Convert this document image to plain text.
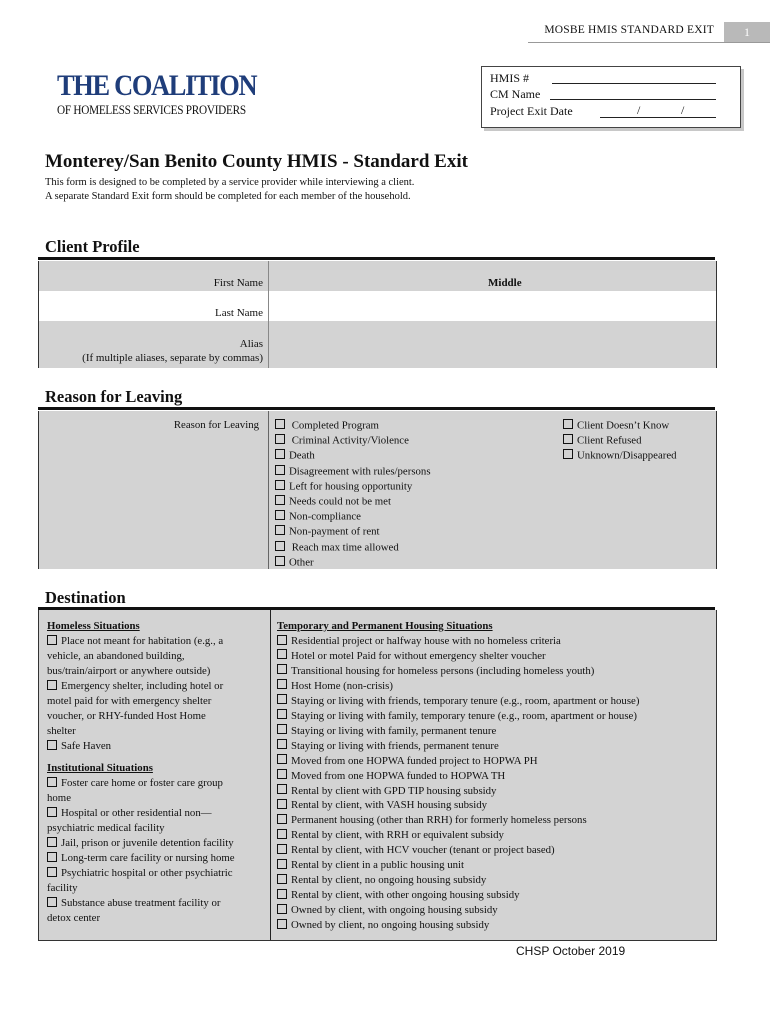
MOSBE HMIS STANDARD EXIT	1
THE COALITION
OF HOMELESS SERVICES PROVIDERS
HMIS #
CM Name
Project Exit Date	/	/
Monterey/San Benito County HMIS - Standard Exit
This form is designed to be completed by a service provider while interviewing a client.
A separate Standard Exit form should be completed for each member of the household.
Client Profile
First Name	Middle
Last Name
Alias
(If multiple aliases, separate by commas)
Reason for Leaving
Reason for Leaving	Completed Program
Criminal Activity/Violence
Death
Disagreement with rules/persons
Left for housing opportunity
Needs could not be met
Non-compliance
Non-payment of rent
Reach max time allowed
Other
Client Doesn’t Know
Client Refused
Unknown/Disappeared
Destination
Homeless Situations
Place not meant for habitation (e.g., a
vehicle, an abandoned building,
bus/train/airport or anywhere outside)
Emergency shelter, including hotel or
motel paid for with emergency shelter
voucher, or RHY-funded Host Home
shelter
Safe Haven
Institutional Situations
Foster care home or foster care group
home
Hospital or other residential non—
psychiatric medical facility
Jail, prison or juvenile detention facility
Long-term care facility or nursing home
Psychiatric hospital or other psychiatric
facility
Substance abuse treatment facility or
detox center
Temporary and Permanent Housing Situations
Residential project or halfway house with no homeless criteria
Hotel or motel Paid for without emergency shelter voucher
Transitional housing for homeless persons (including homeless youth)
Host Home (non-crisis)
Staying or living with friends, temporary tenure (e.g., room, apartment or house)
Staying or living with family, temporary tenure (e.g., room, apartment or house)
Staying or living with family, permanent tenure
Staying or living with friends, permanent tenure
Moved from one HOPWA funded project to HOPWA PH
Moved from one HOPWA funded to HOPWA TH
Rental by client with GPD TIP housing subsidy
Rental by client, with VASH housing subsidy
Permanent housing (other than RRH) for formerly homeless persons
Rental by client, with RRH or equivalent subsidy
Rental by client, with HCV voucher (tenant or project based)
Rental by client in a public housing unit
Rental by client, no ongoing housing subsidy
Rental by client, with other ongoing housing subsidy
Owned by client, with ongoing housing subsidy
Owned by client, no ongoing housing subsidy
CHSP October 2019
